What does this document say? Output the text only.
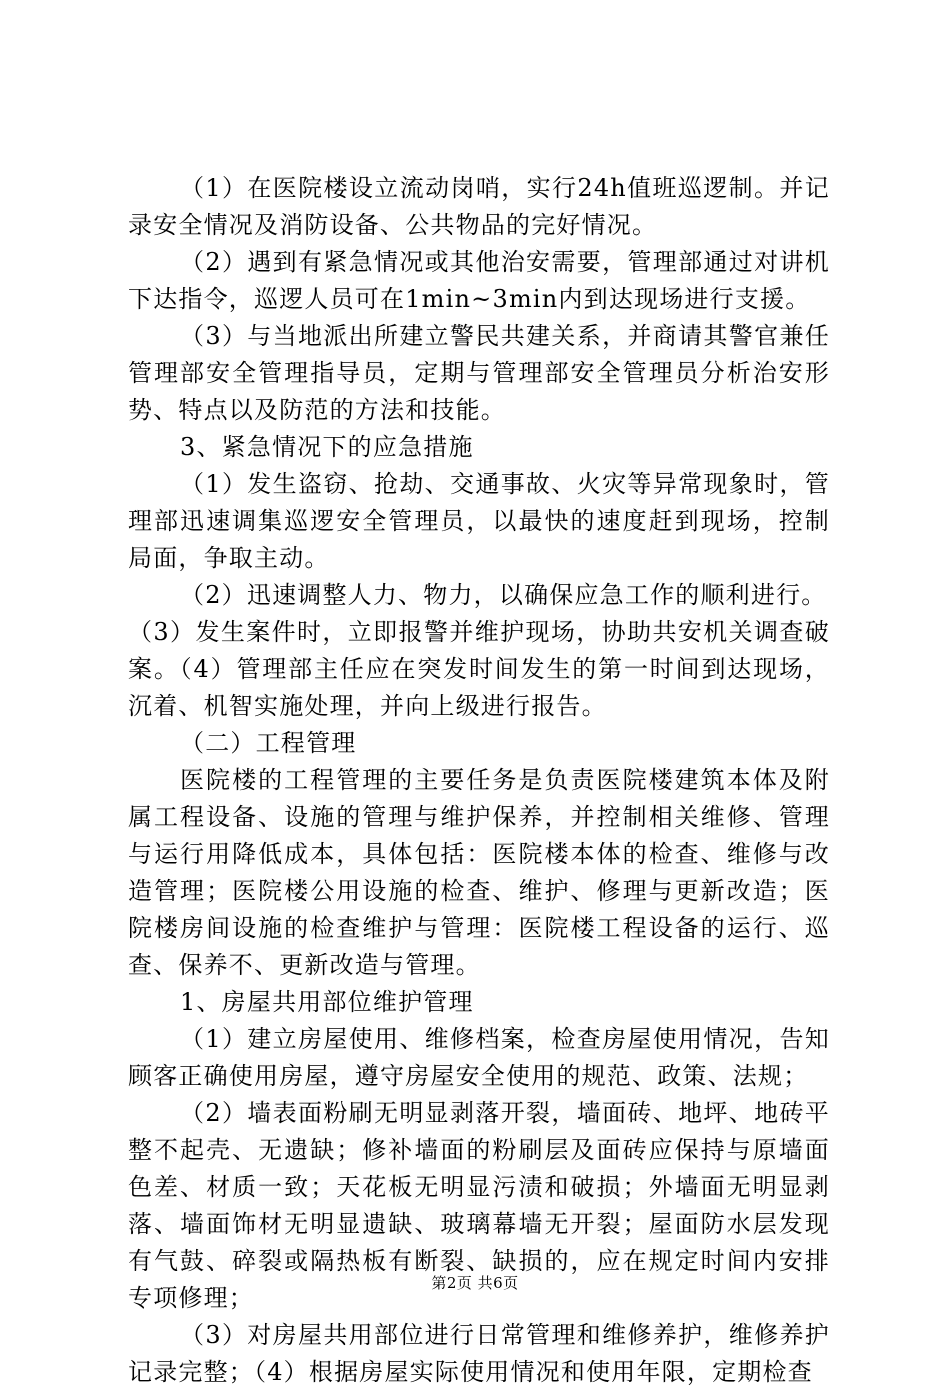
（1）在医院楼设立流动岗哨，实行24h值班巡逻制。并记录安全情况及消防设备、公共物品的完好情况。

（2）遇到有紧急情况或其他治安需要，管理部通过对讲机下达指令，巡逻人员可在1min~3min内到达现场进行支援。

（3）与当地派出所建立警民共建关系，并商请其警官兼任管理部安全管理指导员，定期与管理部安全管理员分析治安形势、特点以及防范的方法和技能。

3、紧急情况下的应急措施

（1）发生盗窃、抢劫、交通事故、火灾等异常现象时，管理部迅速调集巡逻安全管理员，以最快的速度赶到现场，控制局面，争取主动。

（2）迅速调整人力、物力，以确保应急工作的顺利进行。

（3）发生案件时，立即报警并维护现场，协助共安机关调查破案。（4）管理部主任应在突发时间发生的第一时间到达现场，沉着、机智实施处理，并向上级进行报告。

（二）工程管理

医院楼的工程管理的主要任务是负责医院楼建筑本体及附属工程设备、设施的管理与维护保养，并控制相关维修、管理与运行用降低成本，具体包括：医院楼本体的检查、维修与改造管理；医院楼公用设施的检查、维护、修理与更新改造；医院楼房间设施的检查维护与管理：医院楼工程设备的运行、巡查、保养不、更新改造与管理。

1、房屋共用部位维护管理

（1）建立房屋使用、维修档案，检查房屋使用情况，告知顾客正确使用房屋，遵守房屋安全使用的规范、政策、法规；

（2）墙表面粉刷无明显剥落开裂，墙面砖、地坪、地砖平整不起壳、无遗缺；修补墙面的粉刷层及面砖应保持与原墙面色差、材质一致；天花板无明显污渍和破损；外墙面无明显剥落、墙面饰材无明显遗缺、玻璃幕墙无开裂；屋面防水层发现有气鼓、碎裂或隔热板有断裂、缺损的，应在规定时间内安排专项修理；

（3）对房屋共用部位进行日常管理和维修养护，维修养护记录完整；（4）根据房屋实际使用情况和使用年限，定期检查

第2页 共6页
